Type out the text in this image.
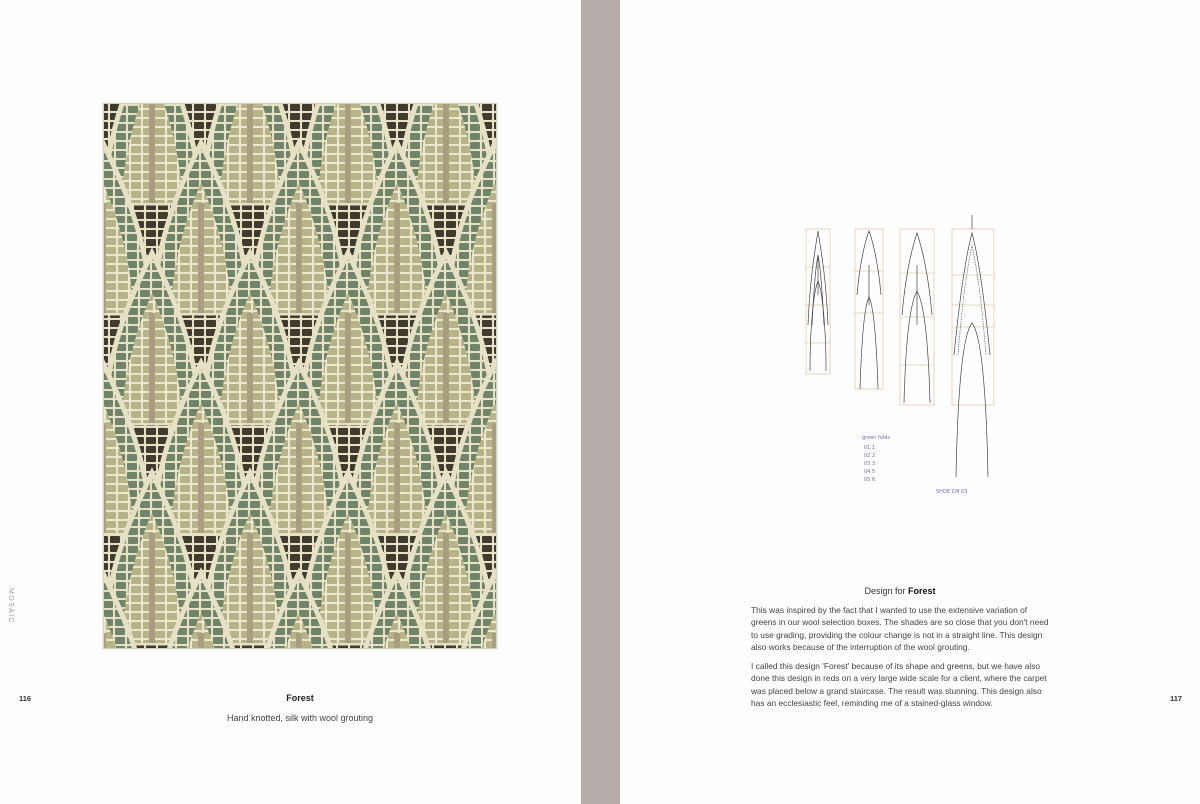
MOSAIC
116	Forest
Hand knotted, silk with wool grouting
green folds
01 1
02 2
03 3
04 5
05 6
SHOE CM 03
Design for Forest

This was inspired by the fact that I wanted to use the extensive variation of greens in our wool selection boxes. The shades are so close that you don't need to use grading, providing the colour change is not in a straight line. This design also works because of the interruption of the wool grouting.

I called this design 'Forest' because of its shape and greens, but we have also done this design in reds on a very large wide scale for a client, where the carpet was placed below a grand staircase. The result was stunning. This design also has an ecclesiastic feel, reminding me of a stained-glass window.	117
